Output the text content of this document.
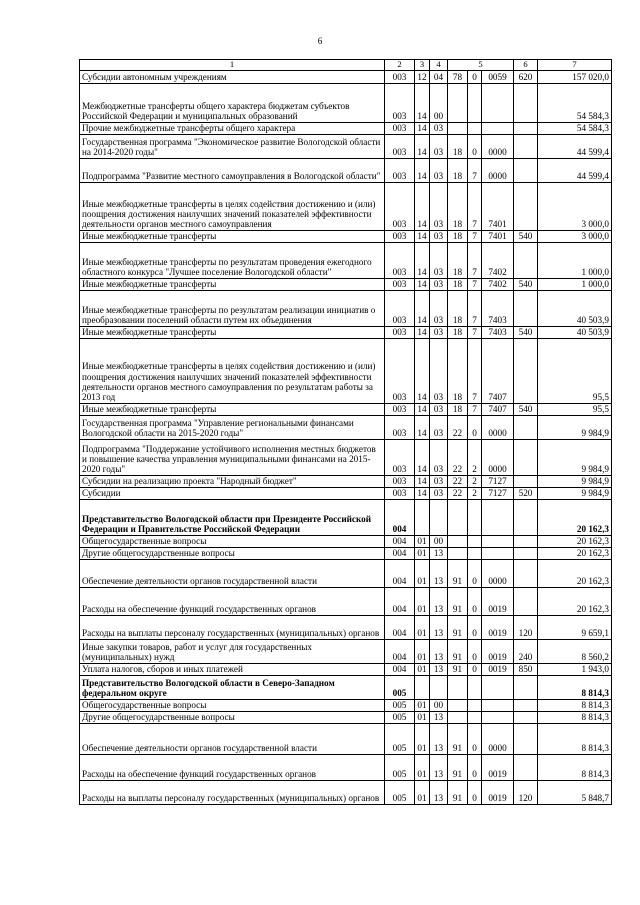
6
1	2	3	4	5			6	7
Субсидии автономным учреждениям	003	12	04	78	0	0059	620	157 020,0
Межбюджетные трансферты общего характера бюджетам субъектов Российской Федерации и муниципальных образований	003	14	00					54 584,3
Прочие межбюджетные трансферты общего характера	003	14	03					54 584,3
Государственная программа "Экономическое развитие Вологодской области на 2014-2020 годы"	003	14	03	18	0	0000		44 599,4
Подпрограмма "Развитие местного самоуправления в Вологодской области"	003	14	03	18	7	0000		44 599,4
Иные межбюджетные трансферты в целях содействия достижению и (или) поощрения достижения наилучших значений показателей эффективности деятельности органов местного самоуправления	003	14	03	18	7	7401		3 000,0
Иные межбюджетные трансферты	003	14	03	18	7	7401	540	3 000,0
Иные межбюджетные трансферты по результатам проведения ежегодного областного конкурса "Лучшее поселение Вологодской области"	003	14	03	18	7	7402		1 000,0
Иные межбюджетные трансферты	003	14	03	18	7	7402	540	1 000,0
Иные межбюджетные трансферты по результатам реализации инициатив о преобразовании поселений области путем их объединения	003	14	03	18	7	7403		40 503,9
Иные межбюджетные трансферты	003	14	03	18	7	7403	540	40 503,9
Иные межбюджетные трансферты в целях содействия достижению и (или) поощрения достижения наилучших значений показателей эффективности деятельности органов местного самоуправления по результатам работы за 2013 год	003	14	03	18	7	7407		95,5
Иные межбюджетные трансферты	003	14	03	18	7	7407	540	95,5
Государственная программа "Управление региональными финансами Вологодской области на 2015-2020 годы"	003	14	03	22	0	0000		9 984,9
Подпрограмма "Поддержание устойчивого исполнения местных бюджетов и повышение качества управления муниципальными финансами на 2015-2020 годы"	003	14	03	22	2	0000		9 984,9
Субсидии на реализацию проекта "Народный бюджет"	003	14	03	22	2	7127		9 984,9
Субсидии	003	14	03	22	2	7127	520	9 984,9
Представительство Вологодской области при Президенте Российской Федерации и Правительстве Российской Федерации	004							20 162,3
Общегосударственные вопросы	004	01	00					20 162,3
Другие общегосударственные вопросы	004	01	13					20 162,3
Обеспечение деятельности органов государственной власти	004	01	13	91	0	0000		20 162,3
Расходы на обеспечение функций государственных органов	004	01	13	91	0	0019		20 162,3
Расходы на выплаты персоналу государственных (муниципальных) органов	004	01	13	91	0	0019	120	9 659,1
Иные закупки товаров, работ и услуг для государственных (муниципальных) нужд	004	01	13	91	0	0019	240	8 560,2
Уплата налогов, сборов и иных платежей	004	01	13	91	0	0019	850	1 943,0
Представительство Вологодской области в Северо-Западном федеральном округе	005							8 814,3
Общегосударственные вопросы	005	01	00					8 814,3
Другие общегосударственные вопросы	005	01	13					8 814,3
Обеспечение деятельности органов государственной власти	005	01	13	91	0	0000		8 814,3
Расходы на обеспечение функций государственных органов	005	01	13	91	0	0019		8 814,3
Расходы на выплаты персоналу государственных (муниципальных) органов	005	01	13	91	0	0019	120	5 848,7
